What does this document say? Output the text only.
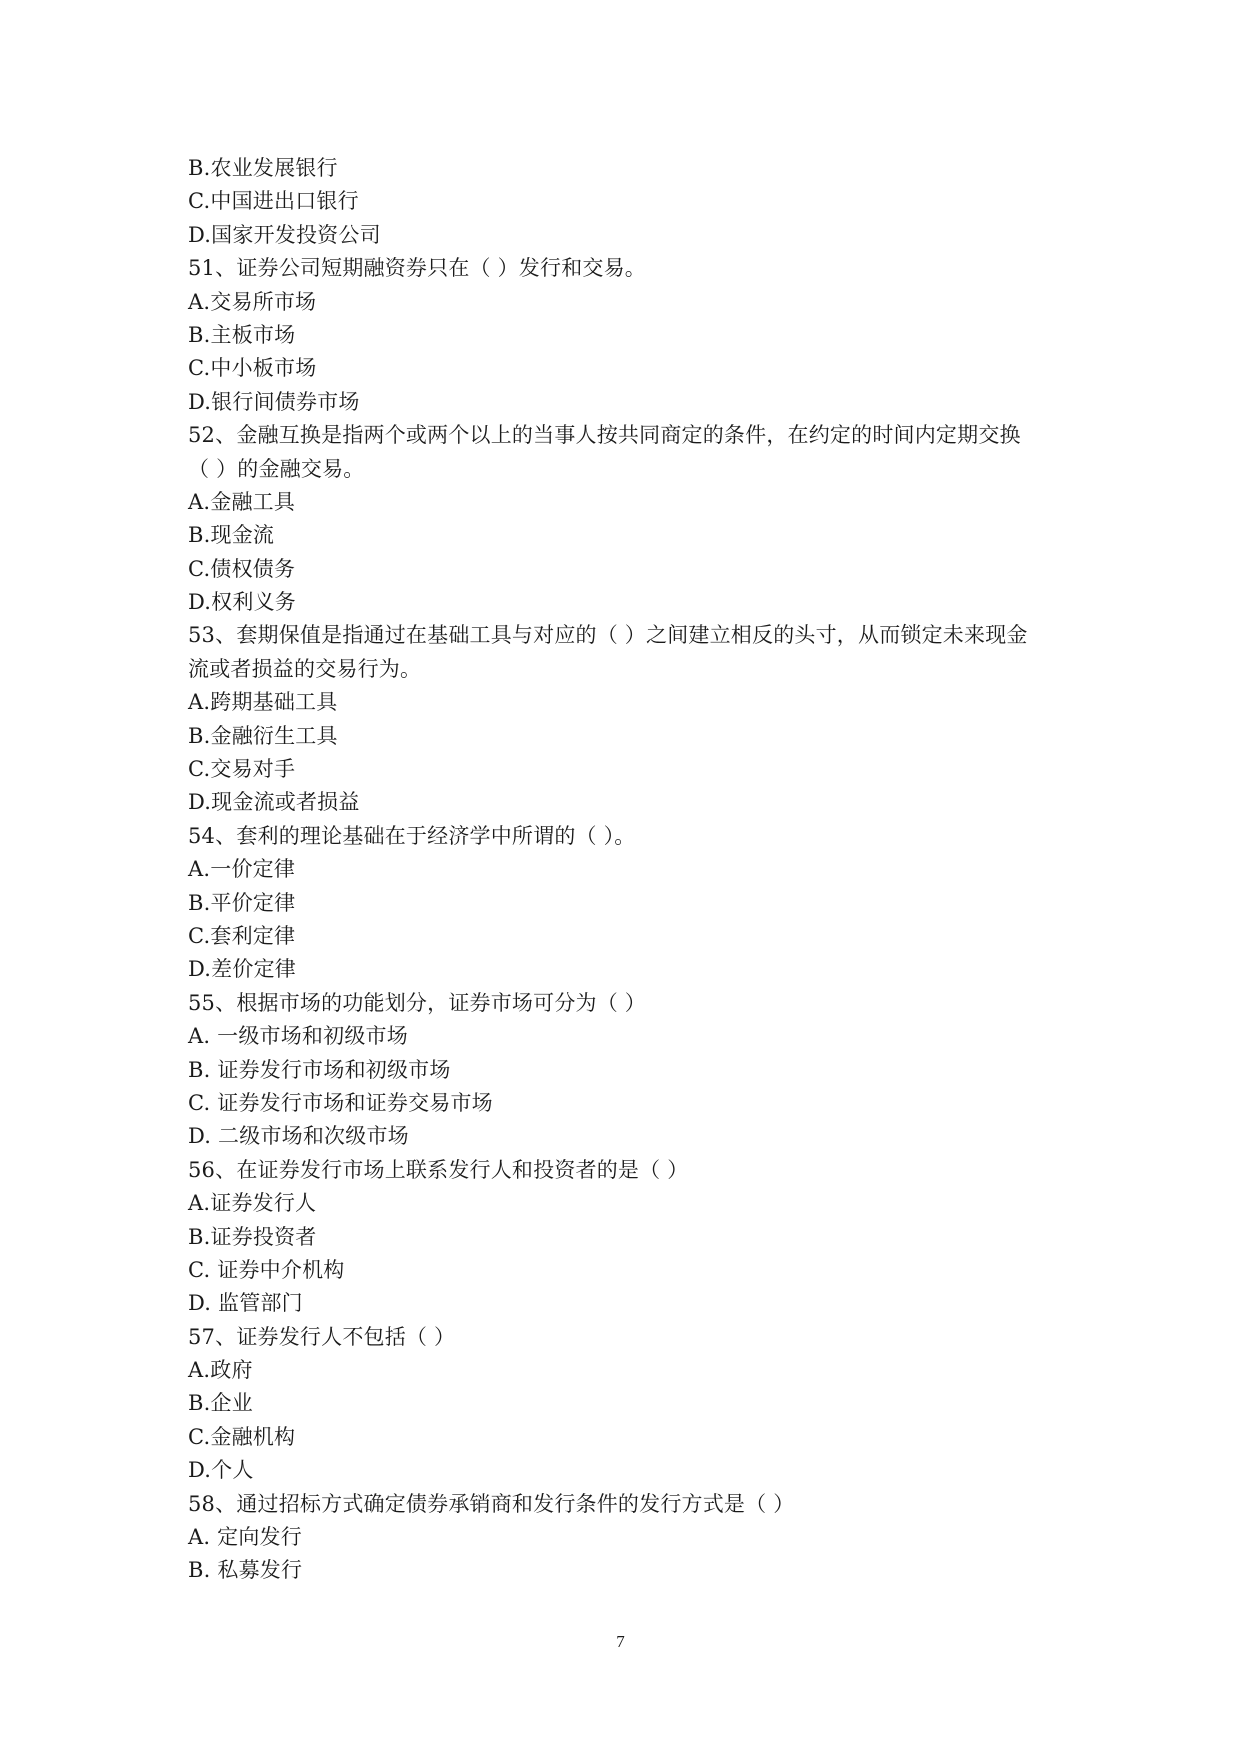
B.农业发展银行
C.中国进出口银行
D.国家开发投资公司
51、证券公司短期融资券只在（ ）发行和交易。
A.交易所市场
B.主板市场
C.中小板市场
D.银行间债券市场
52、金融互换是指两个或两个以上的当事人按共同商定的条件，在约定的时间内定期交换
（ ）的金融交易。
A.金融工具
B.现金流
C.债权债务
D.权利义务
53、套期保值是指通过在基础工具与对应的（ ）之间建立相反的头寸，从而锁定未来现金
流或者损益的交易行为。
A.跨期基础工具
B.金融衍生工具
C.交易对手
D.现金流或者损益
54、套利的理论基础在于经济学中所谓的（ ）。
A.一价定律
B.平价定律
C.套利定律
D.差价定律
55、根据市场的功能划分，证券市场可分为（ ）
A. 一级市场和初级市场
B. 证券发行市场和初级市场
C. 证券发行市场和证券交易市场
D. 二级市场和次级市场
56、在证券发行市场上联系发行人和投资者的是（ ）
A.证券发行人
B.证券投资者
C. 证券中介机构
D. 监管部门
57、证券发行人不包括（ ）
A.政府
B.企业
C.金融机构
D.个人
58、通过招标方式确定债券承销商和发行条件的发行方式是（ ）
A. 定向发行
B. 私募发行
7
